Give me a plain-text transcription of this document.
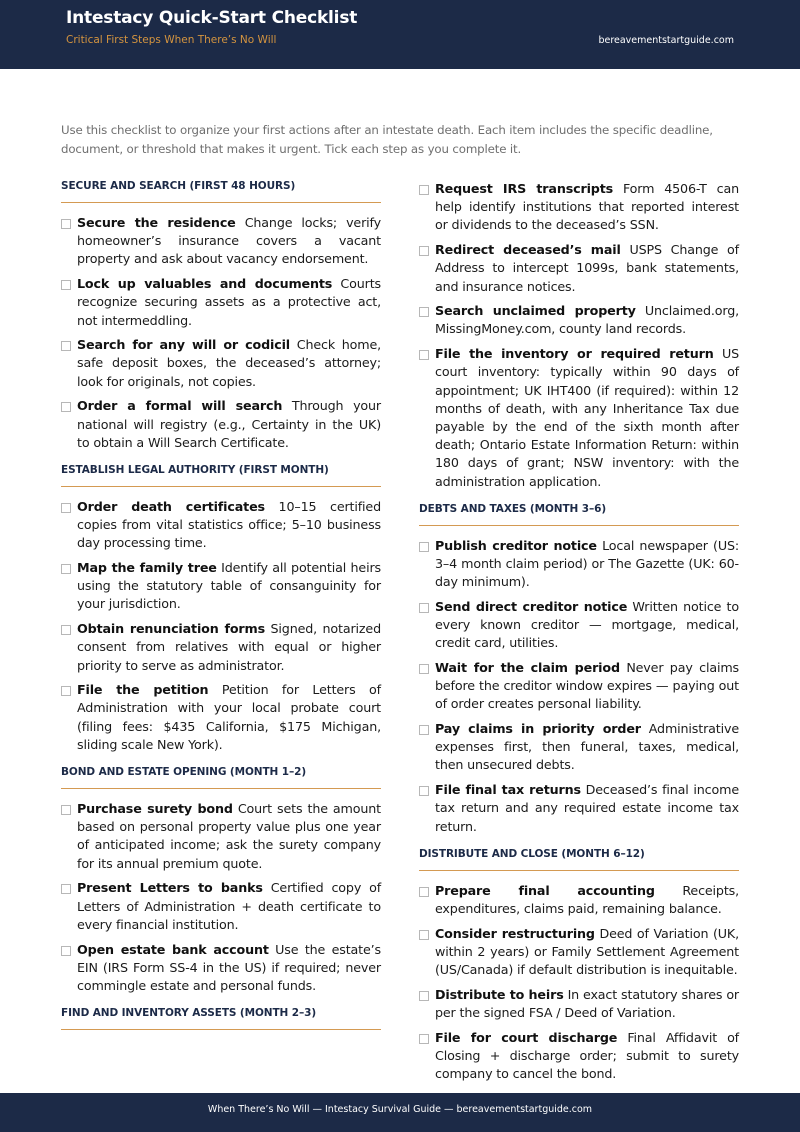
Intestacy Quick-Start Checklist
Critical First Steps When There’s No Will	bereavementstartguide.com
Use this checklist to organize your first actions after an intestate death. Each item includes the specific deadline, document, or threshold that makes it urgent. Tick each step as you complete it.
SECURE AND SEARCH (FIRST 48 HOURS)
Secure the residence Change locks; verify homeowner’s insurance covers a vacant property and ask about vacancy endorsement.
Lock up valuables and documents Courts recognize securing assets as a protective act, not intermeddling.
Search for any will or codicil Check home, safe deposit boxes, the deceased’s attorney; look for originals, not copies.
Order a formal will search Through your national will registry (e.g., Certainty in the UK) to obtain a Will Search Certificate.
ESTABLISH LEGAL AUTHORITY (FIRST MONTH)
Order death certificates 10–15 certified copies from vital statistics office; 5–10 business day processing time.
Map the family tree Identify all potential heirs using the statutory table of consanguinity for your jurisdiction.
Obtain renunciation forms Signed, notarized consent from relatives with equal or higher priority to serve as administrator.
File the petition Petition for Letters of Administration with your local probate court (filing fees: $435 California, $175 Michigan, sliding scale New York).
BOND AND ESTATE OPENING (MONTH 1–2)
Purchase surety bond Court sets the amount based on personal property value plus one year of anticipated income; ask the surety company for its annual premium quote.
Present Letters to banks Certified copy of Letters of Administration + death certificate to every financial institution.
Open estate bank account Use the estate’s EIN (IRS Form SS-4 in the US) if required; never commingle estate and personal funds.
FIND AND INVENTORY ASSETS (MONTH 2–3)
Request IRS transcripts Form 4506-T can help identify institutions that reported interest or dividends to the deceased’s SSN.
Redirect deceased’s mail USPS Change of Address to intercept 1099s, bank statements, and insurance notices.
Search unclaimed property Unclaimed.org, MissingMoney.com, county land records.
File the inventory or required return US court inventory: typically within 90 days of appointment; UK IHT400 (if required): within 12 months of death, with any Inheritance Tax due payable by the end of the sixth month after death; Ontario Estate Information Return: within 180 days of grant; NSW inventory: with the administration application.
DEBTS AND TAXES (MONTH 3–6)
Publish creditor notice Local newspaper (US: 3–4 month claim period) or The Gazette (UK: 60-day minimum).
Send direct creditor notice Written notice to every known creditor — mortgage, medical, credit card, utilities.
Wait for the claim period Never pay claims before the creditor window expires — paying out of order creates personal liability.
Pay claims in priority order Administrative expenses first, then funeral, taxes, medical, then unsecured debts.
File final tax returns Deceased’s final income tax return and any required estate income tax return.
DISTRIBUTE AND CLOSE (MONTH 6–12)
Prepare final accounting Receipts, expenditures, claims paid, remaining balance.
Consider restructuring Deed of Variation (UK, within 2 years) or Family Settlement Agreement (US/Canada) if default distribution is inequitable.
Distribute to heirs In exact statutory shares or per the signed FSA / Deed of Variation.
File for court discharge Final Affidavit of Closing + discharge order; submit to surety company to cancel the bond.
When There’s No Will — Intestacy Survival Guide — bereavementstartguide.com
